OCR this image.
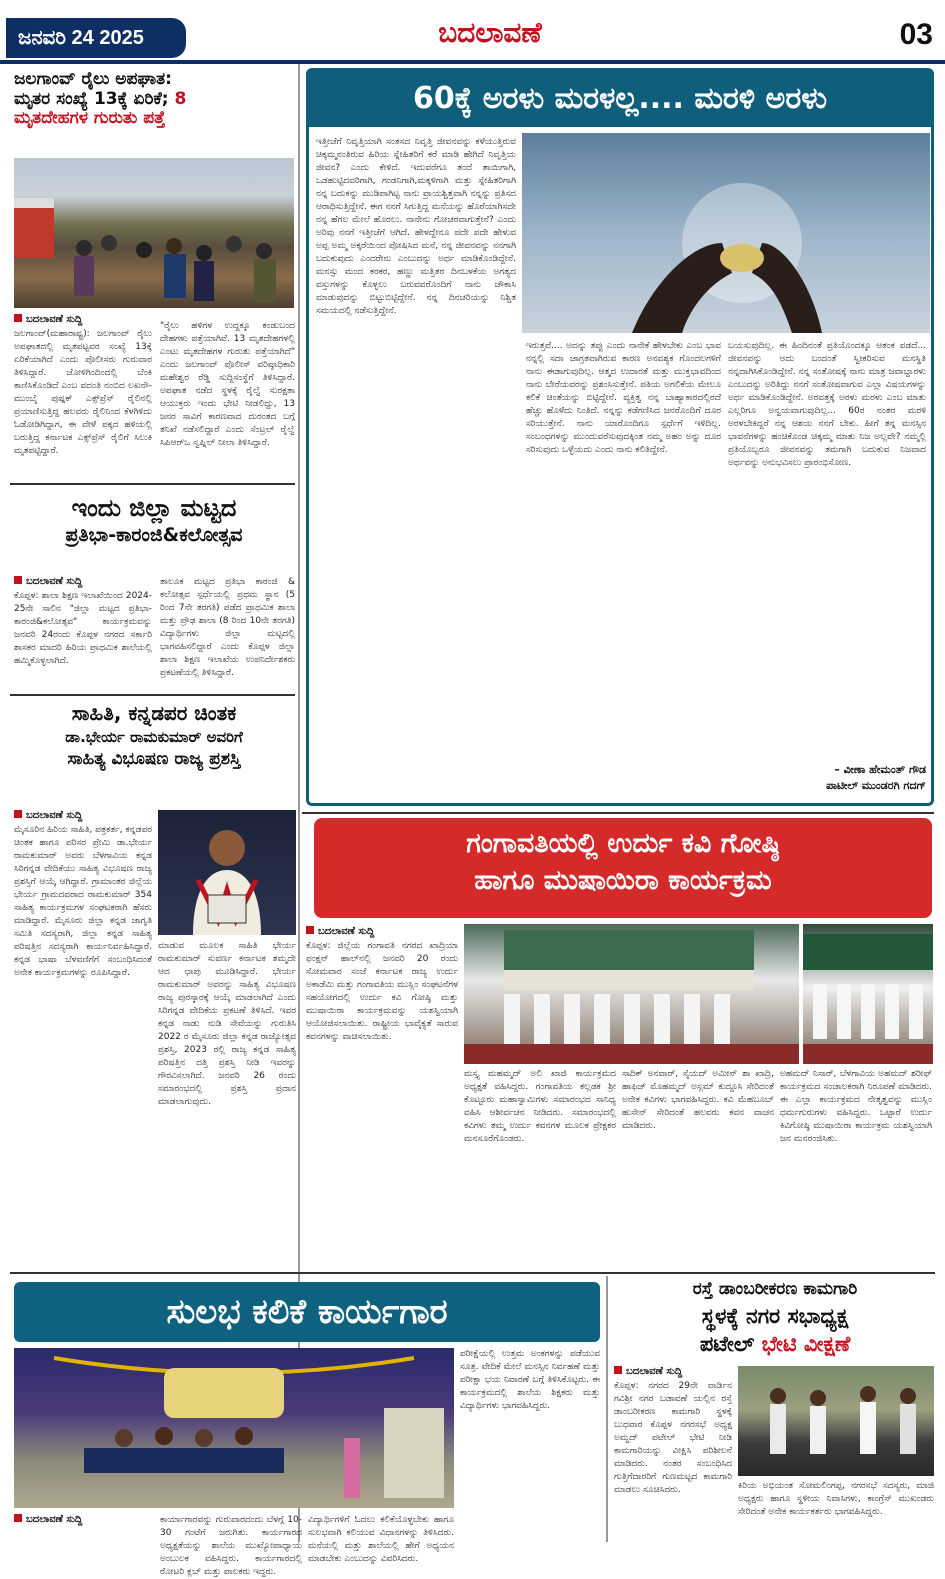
ಜನವರಿ 24 2025	ಬದಲಾವಣೆ	03
ಜಲಗಾಂವ್ ರೈಲು ಅಪಘಾತ:
ಮೃತರ ಸಂಖ್ಯೆ 13ಕ್ಕೆ ಏರಿಕೆ; 8
ಮೃತದೇಹಗಳ ಗುರುತು ಪತ್ತೆ
ಬದಲಾವಣೆ ಸುದ್ದಿ
ಜಲಗಾಂವ್(ಮಹಾರಾಷ್ಟ್ರ): ಜಲಗಾಂವ್ ರೈಲು ಅಪಘಾತದಲ್ಲಿ ಮೃತಪಟ್ಟವರ ಸಂಖ್ಯೆ 13ಕ್ಕೆ ಏರಿಕೆಯಾಗಿದೆ ಎಂದು ಪೊಲೀಸರು ಗುರುವಾರ ತಿಳಿಸಿದ್ದಾರೆ. ಜೋಳಿಗಿಂದಿಂದಲ್ಲಿ ಬೆಂಕಿ ಕಾಣಿಸಿಕೊಂಡಿದೆ ಎಂಬ ವದಂತಿ ನಂಬಿದ ಲಖನೌ-ಮುಂಬೈ ಪುಷ್ಪಕ್ ಎಕ್ಸ್‌ಪ್ರೆಸ್ ರೈಲಿನಲ್ಲಿ ಪ್ರಯಾಣಿಸುತ್ತಿದ್ದ ಹಲವರು ರೈಲಿನಿಂದ ಕೆಳಗಿಳಿದು ಓಡೋಡಿಗಿದ್ದಾಗ, ಈ ವೇಳೆ ಪಕ್ಕದ ಹಳಿಯಲ್ಲಿ ಬರುತ್ತಿದ್ದ ಕರ್ನಾಟಕ ಎಕ್ಸ್‌ಪ್ರೆಸ್ ರೈಲಿಗೆ ಸಿಲುಕಿ ಮೃತಪಟ್ಟಿದ್ದಾರೆ.
"ರೈಲು ಹಳಿಗಳ ಉದ್ದಕ್ಕೂ ಕಂಡುಬಂದ ದೇಹಗಳು ಪತ್ತೆಯಾಗಿವೆ. 13 ಮೃತದೇಹಗಳಲ್ಲಿ ಎಂಟು ಮೃತದೇಹಗಳ ಗುರುತು ಪತ್ತೆಯಾಗಿದೆ" ಎಂದು ಜಲಗಾಂವ್ ಪೊಲೀಸ್ ವರಿಷ್ಠಾಧಿಕಾರಿ ಮಹೇಶ್ವರ ರೆಡ್ಡಿ ಸುದ್ದಿಸಂಸ್ಥೆಗೆ ತಿಳಿಸಿದ್ದಾರೆ. ಅಪಘಾತ ನಡೆದ ಸ್ಥಳಕ್ಕೆ ರೈಲ್ವೆ ಸುರಕ್ಷತಾ ಆಯುಕ್ತರು ಇಂದು ಭೇಟಿ ನೀಡಲಿದ್ದು, 13 ಜನರ ಸಾವಿಗೆ ಕಾರಣವಾದ ದುರಂತದ ಬಗ್ಗೆ ತನಿಖೆ ನಡೆಸಲಿದ್ದಾರೆ ಎಂದು ಸೆಂಟ್ರಲ್ ರೈಲ್ವೆ ಸಿಪಿಆರ್‌ಒ ಸ್ವಪ್ನಿಲ್ ನೀಲಾ ತಿಳಿಸಿದ್ದಾರೆ.
60ಕ್ಕೆ ಅರಳು ಮರಳಲ್ಲ.... ಮರಳಿ ಅರಳು
ಇತ್ತೀಚೆಗೆ ನಿವೃತ್ತಿಯಾಗಿ ಸಂತಸದ ನಿವೃತ್ತಿ ಜೀವನವನ್ನು ಕಳೆಯುತ್ತಿರುವ ಚಿಕ್ಕಮ್ಮನಂತಿರುವ ಹಿರಿಯ ಸ್ನೇಹಿತರಿಗೆ ಕರೆ ಮಾಡಿ ಹೇಗಿದೆ ನಿವೃತ್ತಿಯ ಜೀವನ? ಎಂದು ಕೇಳಿದೆ. ಇದುವರೆಗೂ ತಂದೆ ತಾಯಿಗಾಗಿ, ಒಡಹುಟ್ಟಿದವರಿಗಾಗಿ, ಗಂಡನಿಗಾಗಿ,ಮಕ್ಕಳಿಗಾಗಿ ಮತ್ತು ಸ್ನೇಹಿತರಿಗಾಗಿ ನನ್ನ ಬದುಕನ್ನು ಮುಡಿಪಾಗಿಟ್ಟ ನಾನು ಪ್ರಾಯಶ್ಚಿತ್ತವಾಗಿ ನನ್ನನ್ನು ಪ್ರತಿಸದ ಆರಾಧಿಸುತ್ತಿದ್ದೇನೆ. ಈಗ ನನಗೆ ಸಿಗುತ್ತಿದ್ದ ಮನೆಯನ್ನು ಹೊರೆಯಾಗಿಸದೇ ನನ್ನ ಹೆಗಲ ಮೇಲೆ ಹೊರಲು. ನಾನೇನು ಗೋಚರವಾಗುತ್ತೇನೆ? ಎಂದು ಅರಿವು ನನಗೆ ಇತ್ತೀಚೆಗೆ ಆಗಿದೆ. ಹೇಳದ್ದೇನೂ ಪದೇ ಪದೇ ಹೇಳುವ ಅಪ್ಪ ಅಮ್ಮ ಅಕ್ಕರೆಯಿಂದ ಪೋಷಿಸಿದ ಮನೆ, ನನ್ನ ಜೀವನವನ್ನು ನನಗಾಗಿ ಬದುಕುವುದು ಎಂದರೇನು ಎಂಬುದನ್ನು ಅರ್ಥ ಮಾಡಿಕೊಂಡಿದ್ದೇನೆ. ಮನಸ್ಸು ಮಂದ ಕರಕರ, ಹಣ್ಣು ಮತ್ತಿತರ ದಿನಬಳಕೆಯ ಅಗತ್ಯದ ವಸ್ತುಗಳನ್ನು ಕೊಳ್ಳಲು ಬರುವವರೊಂದಿಗೆ ನಾನು ಚೌಕಾಸಿ ಮಾಡುವುದನ್ನು ಬಿಟ್ಟುಬಿಟ್ಟಿದ್ದೇನೆ. ನನ್ನ ದಿನಚರಿಯನ್ನು ನಿಶ್ಚಿತ ಸಮಯದಲ್ಲಿ ನಡೆಸುತ್ತಿದ್ದೇನೆ.
ಇರುತ್ತವೆ.... ಅದನ್ನು ತಪ್ಪು ಎಂದು ನಾನೇಕೆ ಹೇಳಬೇಕು ಎಂಬ ಭಾವ ನನ್ನಲ್ಲಿ ಸದಾ ಜಾಗ್ರತವಾಗಿರುವ ಕಾರಣ ಅನವಶ್ಯಕ ಗೊಂದಲಗಳಿಗೆ ನಾನು ಈಡಾಗುವುದಿಲ್ಲ. ಆತ್ಮದ ಉದಾರತೆ ಮತ್ತು ಮುಕ್ತಭಾವದಿಂದ ನಾನು ಬೇರೆಯವರನ್ನು ಪ್ರಶಂಸಿಸುತ್ತೇನೆ. ಪತಿಯ ಅಗಲಿಕೆಯ ಮೇಲೂ ಕಲಿಕೆ ಚಿಂತೆಯನ್ನು ಬಿಟ್ಟಿದ್ದೇನೆ. ವ್ಯಕ್ತಿತ್ವ ನನ್ನ ಬಾಹ್ಯಾಕಾರದಲ್ಲಿರದೆ ಹೆಚ್ಚು ಹೊಳೆದು ನಿಂತಿದೆ. ನನ್ನನ್ನು ಕಡೆಗಣಿಸಿದ ಜನರೊಂದಿಗೆ ದೂರ ಸರಿಯುತ್ತೇನೆ. ನಾನು ಯಾರೊಂದಿಗೂ ಸ್ಪರ್ಧೆಗೆ ಇಳಿದಿಲ್ಲ. ಸಂಬಂಧಗಳನ್ನು ಮುಂದುವರೆಸುವುದಕ್ಕಿಂತ ನಮ್ಮ ಅಹಂ ಅನ್ನು ದೂರ ಸರಿಸುವುದು ಒಳ್ಳೆಯದು ಎಂದು ನಾನು ಕಲಿತಿದ್ದೇನೆ.
ಬಯಸುವುದಿಲ್ಲ. ಈ ಹಿಂದಿನಂತೆ ಪ್ರತಿಯೊಂದಕ್ಕೂ ಆತಂಕ ಪಡದೆ... ಜೀವನವನ್ನು ಅದು ಬಂದಂತೆ ಸ್ವೀಕರಿಸುವ ಮನಸ್ಥಿತಿ ನನ್ನದಾಗಿಸಿಕೊಂಡಿದ್ದೇನೆ. ನನ್ನ ಸಂತೋಷಕ್ಕೆ ನಾನು ಮಾತ್ರ ಜವಾಬ್ದಾರಳು ಎಂಬುದನ್ನು ಅರಿತಿದ್ದು ನನಗೆ ಸಂತೋಷವಾಗುವ ಎಲ್ಲಾ ವಿಷಯಗಳನ್ನು ಅರ್ಥ ಮಾಡಿಕೊಂಡಿದ್ದೇನೆ. ಅರವತ್ತಕ್ಕೆ ಅರಳು ಮರಳು ಎಂಬ ಮಾತು ಎಲ್ಲರಿಗೂ ಅನ್ವಯವಾಗುವುದಿಲ್ಲ... 60ರ ನಂತರ ಮರಳಿ ಅರಳಬೇಕಿದ್ದರೆ ನನ್ನ ಆಶಯ ನನಗೆ ಬೇಕು. ಹೀಗೆ ತನ್ನ ಮನಸ್ಸಿನ ಭಾವನೆಗಳನ್ನು ಹಂಚಿಕೊಂಡ ಚಿಕ್ಕಮ್ಮ ಮಾತು ನಿಜ ಅಲ್ಲವೇ? ನಮ್ಮಲ್ಲಿ ಪ್ರತಿಯೊಬ್ಬರೂ ಜೀವನವನ್ನು ತಮಗಾಗಿ ಬದುಕುವ ನಿಜವಾದ ಅರ್ಥವನ್ನು ಅನುಭವಿಸಲು ಪ್ರಾರಂಭಿಸೋಣ.
– ವೀಣಾ ಹೇಮಂತ್ ಗೌಡ
ಪಾಟೀಲ್ ಮುಂಡರಗಿ ಗದಗ್
ಇಂದು ಜಿಲ್ಲಾ ಮಟ್ಟದ
ಪ್ರತಿಭಾ-ಕಾರಂಜಿ&ಕಲೋತ್ಸವ
ಬದಲಾವಣೆ ಸುದ್ದಿ
ಕೊಪ್ಪಳ: ಶಾಲಾ ಶಿಕ್ಷಣ ಇಲಾಖೆಯಿಂದ 2024-25ನೇ ಸಾಲಿನ "ಜಿಲ್ಲಾ ಮಟ್ಟದ ಪ್ರತಿಭಾ-ಕಾರಂಜಿ&ಕಲೋತ್ಸವ" ಕಾರ್ಯಕ್ರಮವನ್ನು ಜನವರಿ 24ರಂದು ಕೊಪ್ಪಳ ನಗರದ ಸರ್ಕಾರಿ ಶಾಸಕರ ಮಾದರಿ ಹಿರಿಯ ಪ್ರಾಥಮಿಕ ಶಾಲೆಯಲ್ಲಿ ಹಮ್ಮಿಕೊಳ್ಳಲಾಗಿದೆ.
ತಾಲೂಕ ಮಟ್ಟದ ಪ್ರತಿಭಾ ಕಾರಂಜಿ & ಕಲೋತ್ಸವ ಸ್ಪರ್ಧೆಯಲ್ಲಿ ಪ್ರಥಮ ಸ್ಥಾನ (5 ರಿಂದ 7ನೇ ತರಗತಿ) ಪಡೆದ ಪ್ರಾಥಮಿಕ ಶಾಲಾ ಮತ್ತು ಪ್ರೌಢ ಶಾಲಾ (8 ರಿಂದ 10ನೇ ತರಗತಿ) ವಿದ್ಯಾರ್ಥಿಗಳು ಜಿಲ್ಲಾ ಮಟ್ಟದಲ್ಲಿ ಭಾಗವಹಿಸಲಿದ್ದಾರೆ ಎಂದು ಕೊಪ್ಪಳ ಜಿಲ್ಲಾ ಶಾಲಾ ಶಿಕ್ಷಣ ಇಲಾಖೆಯ ಉಪನಿರ್ದೇಶಕರು ಪ್ರಕಟಣೆಯಲ್ಲಿ ತಿಳಿಸಿದ್ದಾರೆ.
ಸಾಹಿತಿ, ಕನ್ನಡಪರ ಚಿಂತಕ
ಡಾ.ಭೇರ್ಯ ರಾಮಕುಮಾರ್ ಅವರಿಗೆ
ಸಾಹಿತ್ಯ ವಿಭೂಷಣ ರಾಜ್ಯ ಪ್ರಶಸ್ತಿ
ಬದಲಾವಣೆ ಸುದ್ದಿ
ಮೈಸೂರಿನ ಹಿರಿಯ ಸಾಹಿತಿ, ಪತ್ರಕರ್ತ, ಕನ್ನಡಪರ ಚಿಂತಕ ಹಾಗೂ ಪರಿಸರ ಪ್ರೇಮಿ ಡಾ.ಭೇರ್ಯ ರಾಮಕುಮಾರ್ ಅವರು ಬೆಳಗಾವಿಯ ಕನ್ನಡ ಸಿರಿಗನ್ನಡ ವೇದಿಕೆಯು ಸಾಹಿತ್ಯ ವಿಭೂಷಣ ರಾಜ್ಯ ಪ್ರಶಸ್ತಿಗೆ ಆಯ್ಕೆ ಆಗಿದ್ದಾರೆ. ಗ್ರಾಮಾಂತರ ಜಿಲ್ಲೆಯ ಭೇರ್ಯ ಗ್ರಾಮದವರಾದ ರಾಮಕುಮಾರ್ 354 ಸಾಹಿತ್ಯ ಕಾರ್ಯಕ್ರಮಗಳ ಸಂಘಟಕರಾಗಿ ಹೆಸರು ಮಾಡಿದ್ದಾರೆ. ಮೈಸೂರು ಜಿಲ್ಲಾ ಕನ್ನಡ ಜಾಗೃತಿ ಸಮಿತಿ ಸದಸ್ಯರಾಗಿ, ಜಿಲ್ಲಾ ಕನ್ನಡ ಸಾಹಿತ್ಯ ಪರಿಷತ್ತಿನ ಸದಸ್ಯರಾಗಿ ಕಾರ್ಯನಿರ್ವಹಿಸಿದ್ದಾರೆ. ಕನ್ನಡ ಭಾಷಾ ಬೆಳವಣಿಗೆಗೆ ಸಂಬಂಧಿಸಿದಂತೆ ಅನೇಕ ಕಾರ್ಯಕ್ರಮಗಳನ್ನು ರೂಪಿಸಿದ್ದಾರೆ.
ಮಾಡುವ ಮೂಲಕ ಸಾಹಿತಿ ಭೇರ್ಯ ರಾಮಕುಮಾರ್ ಸುವರ್ಣ ಕರ್ನಾಟಕ ತಮ್ಮದೇ ಆದ ಛಾಪು ಮೂಡಿಸಿದ್ದಾರೆ. ಭೇರ್ಯ ರಾಮಕುಮಾರ್ ಅವರನ್ನು ಸಾಹಿತ್ಯ ವಿಭೂಷಣ ರಾಜ್ಯ ಪುರಸ್ಕಾರಕ್ಕೆ ಆಯ್ಕೆ ಮಾಡಲಾಗಿದೆ ಎಂದು ಸಿರಿಗನ್ನಡ ವೇದಿಕೆಯ ಪ್ರಕಟಣೆ ತಿಳಿಸಿದೆ. ಇವರ ಕನ್ನಡ ನಾಡು ನುಡಿ ಸೇವೆಯನ್ನು ಗುರುತಿಸಿ 2022 ರ ಮೈಸೂರು ಜಿಲ್ಲಾ ಕನ್ನಡ ರಾಜ್ಯೋತ್ಸವ ಪ್ರಶಸ್ತಿ, 2023 ರಲ್ಲಿ ರಾಜ್ಯ ಕನ್ನಡ ಸಾಹಿತ್ಯ ಪರಿಷತ್ತಿನ ದತ್ತಿ ಪ್ರಶಸ್ತಿ ನೀಡಿ ಇವರನ್ನು ಗೌರವಿಸಲಾಗಿದೆ. ಜನವರಿ 26 ರಂದು ಸಮಾರಂಭದಲ್ಲಿ ಪ್ರಶಸ್ತಿ ಪ್ರದಾನ ಮಾಡಲಾಗುವುದು.
ಗಂಗಾವತಿಯಲ್ಲಿ ಉರ್ದು ಕವಿ ಗೋಷ್ಠಿ
ಹಾಗೂ ಮುಷಾಯಿರಾ ಕಾರ್ಯಕ್ರಮ
ಬದಲಾವಣೆ ಸುದ್ದಿ
ಕೊಪ್ಪಳ: ಜಿಲ್ಲೆಯ ಗಂಗಾವತಿ ನಗರದ ಖಾದ್ರಿಯಾ ಫಂಕ್ಷನ್ ಹಾಲ್‌ನಲ್ಲಿ ಜನವರಿ 20 ರಂದು ಸೋಮವಾರ ಸಂಜೆ ಕರ್ನಾಟಕ ರಾಜ್ಯ ಉರ್ದು ಅಕಾಡೆಮಿ ಮತ್ತು ಗಂಗಾವತಿಯ ಮುಸ್ಲಿಂ ಸಂಘಟನೆಗಳ ಸಹಯೋಗದಲ್ಲಿ ಉರ್ದು ಕವಿ ಗೋಷ್ಠಿ ಮತ್ತು ಮುಷಾಯಿರಾ ಕಾರ್ಯಕ್ರಮವನ್ನು ಯಶಸ್ವಿಯಾಗಿ ಆಯೋಜಿಸಲಾಯಿತು. ರಾಷ್ಟ್ರೀಯ ಭಾವೈಕ್ಯತೆ ಸಾರುವ ಕವನಗಳನ್ನು ವಾಚಿಸಲಾಯಿತು.
ಮಸ್ತ್ಯ ಮಹಮ್ಮದ್ ಅಲಿ ಖಾಜಿ ಕಾರ್ಯಕ್ರಮದ ಅಧ್ಯಕ್ಷತೆ ವಹಿಸಿದ್ದರು. ಗಂಗಾವತಿಯ ಕಲ್ಲಡಕ ಶ್ರೀ ಕೊಟ್ಟೂರು ಮಹಾಸ್ವಾಮಿಗಳು ಸಮಾರಂಭದ ಸಾನಿಧ್ಯ ವಹಿಸಿ ಆಶೀರ್ವಚನ ನೀಡಿದರು. ಸಮಾರಂಭದಲ್ಲಿ ಕವಿಗಳು ತಮ್ಮ ಉರ್ದು ಕವನಗಳ ಮೂಲಕ ಪ್ರೇಕ್ಷಕರ ಮನಸೂರೆಗೊಂಡರು.
ಸಾದಿಕ್ ಅನವಾರ್, ಸೈಯದ್ ಅಮೀನ್ ಶಾ ಖಾದ್ರಿ, ಹಾಫಿಜ್ ಮೊಹಮ್ಮದ್ ಅಸ್ಲಮ್ ಕುದ್ದೂಸಿ ಸೇರಿದಂತೆ ಅನೇಕ ಕವಿಗಳು ಭಾಗವಹಿಸಿದ್ದರು. ಕವಿ ಮೆಹಬೂಬ್ ಹುಸೇನ್ ಸೇರಿದಂತೆ ಹಲವರು ಕವನ ವಾಚನ ಮಾಡಿದರು.
ಅಹಮದ್ ನಿಸಾರ್, ಬೆಳಗಾವಿಯ ಅಹಮದ್ ಶರೀಫ್ ಕಾರ್ಯಕ್ರಮದ ಸಂಚಾಲಕರಾಗಿ ನಿರೂಪಣೆ ಮಾಡಿದರು. ಈ ಎಲ್ಲಾ ಕಾರ್ಯಕ್ರಮದ ನೇತೃತ್ವವನ್ನು ಮುಸ್ಲಿಂ ಧರ್ಮಗುರುಗಳು ವಹಿಸಿದ್ದರು. ಒಟ್ಟಾರೆ ಉರ್ದು ಕಿವಿಗೋಷ್ಠಿ ಮುಷಾಯಿರಾ ಕಾರ್ಯಕ್ರಮ ಯಶಸ್ವಿಯಾಗಿ ಜನ ಮನರಂಜಿಸಿತು.
ಸುಲಭ ಕಲಿಕೆ ಕಾರ್ಯಗಾರ
ಬದಲಾವಣೆ ಸುದ್ದಿ	ಕಾರ್ಯಾಗಾರವನ್ನು ಗುರುವಾರದಂದು ಬೆಳಗ್ಗೆ 10-30 ಗಂಟೆಗೆ ಜರುಗಿತು. ಕಾರ್ಯಗಾರದ ಅಧ್ಯಕ್ಷತೆಯನ್ನು ಶಾಲೆಯ ಮುಖ್ಯೋಪಾಧ್ಯಾಯ ಅಂಬುಲಕ ವಹಿಸಿದ್ದರು. ಕಾರ್ಯಗಾರದಲ್ಲಿ ರೋಟರಿ ಕ್ಲಬ್ ಮತ್ತು ಪಾಲಕರು ಇದ್ದರು.
ವಿದ್ಯಾರ್ಥಿಗಳಿಗೆ ಓದಲು ಕಲಿಕೆಯೊಳ್ಳಬೇಕು ಹಾಗೂ ಸುಲಭವಾಗಿ ಕಲಿಯುವ ವಿಧಾನಗಳನ್ನು ತಿಳಿಸಿದರು. ಮನೆಯಲ್ಲಿ ಮತ್ತು ಶಾಲೆಯಲ್ಲಿ ಹೇಗೆ ಅಧ್ಯಯನ ಮಾಡಬೇಕು ಎಂಬುದನ್ನು ವಿವರಿಸಿದರು.
ಪರೀಕ್ಷೆಯಲ್ಲಿ ಉತ್ತಮ ಅಂಕಗಳನ್ನು ಪಡೆಯುವ ಸೂತ್ರ. ವೇದಿಕೆ ಮೇಲೆ ಮನಸ್ಸಿನ ನಿರ್ವಹಣೆ ಮತ್ತು ಪರೀಕ್ಷಾ ಭಯ ನಿವಾರಣೆ ಬಗ್ಗೆ ತಿಳಿಸಿಕೊಟ್ಟರು. ಈ ಕಾರ್ಯಕ್ರಮದಲ್ಲಿ ಶಾಲೆಯ ಶಿಕ್ಷಕರು ಮತ್ತು ವಿದ್ಯಾರ್ಥಿಗಳು ಭಾಗವಹಿಸಿದ್ದರು.
ರಸ್ತೆ ಡಾಂಬರೀಕರಣ ಕಾಮಗಾರಿ
ಸ್ಥಳಕ್ಕೆ ನಗರ ಸಭಾಧ್ಯಕ್ಷ
ಪಟೇಲ್ ಭೇಟಿ ವೀಕ್ಷಣೆ
ಬದಲಾವಣೆ ಸುದ್ದಿ
ಕೊಪ್ಪಳ: ನಗರದ 29ನೇ ವಾರ್ಡಿನ ಗವಿಶ್ರೀ ನಗರ ಬಡಾವಣೆ ಯಲ್ಲಿನ ರಸ್ತೆ ಡಾಂಬರೀಕರಣ ಕಾಮಗಾರಿ ಸ್ಥಳಕ್ಕೆ ಬುಧವಾರ ಕೊಪ್ಪಳ ನಗರಸಭೆ ಅಧ್ಯಕ್ಷ ಅಮ್ಜದ್ ಪಟೇಲ್ ಭೇಟಿ ನೀಡಿ ಕಾಮಗಾರಿಯನ್ನು ವೀಕ್ಷಿಸಿ ಪರಿಶೀಲನೆ ಮಾಡಿದರು. ನಂತರ ಸಂಬಂಧಿಸಿದ ಗುತ್ತಿಗೆದಾರರಿಗೆ ಗುಣಮಟ್ಟದ ಕಾಮಗಾರಿ ಮಾಡಲು ಸೂಚಿಸಿದರು.	ಕಿರಿಯ ಅಭಿಯಂತ ಸೋಮಲಿಂಗಪ್ಪ, ನಗರಸಭೆ ಸದಸ್ಯರು, ಮಾಜಿ ಅಧ್ಯಕ್ಷರು ಹಾಗೂ ಸ್ಥಳೀಯ ನಿವಾಸಿಗಳು, ಕಾಂಗ್ರೆಸ್ ಮುಖಂಡರು ಸೇರಿದಂತೆ ಅನೇಕ ಕಾರ್ಯಕರ್ತರು ಭಾಗವಹಿಸಿದ್ದರು.
